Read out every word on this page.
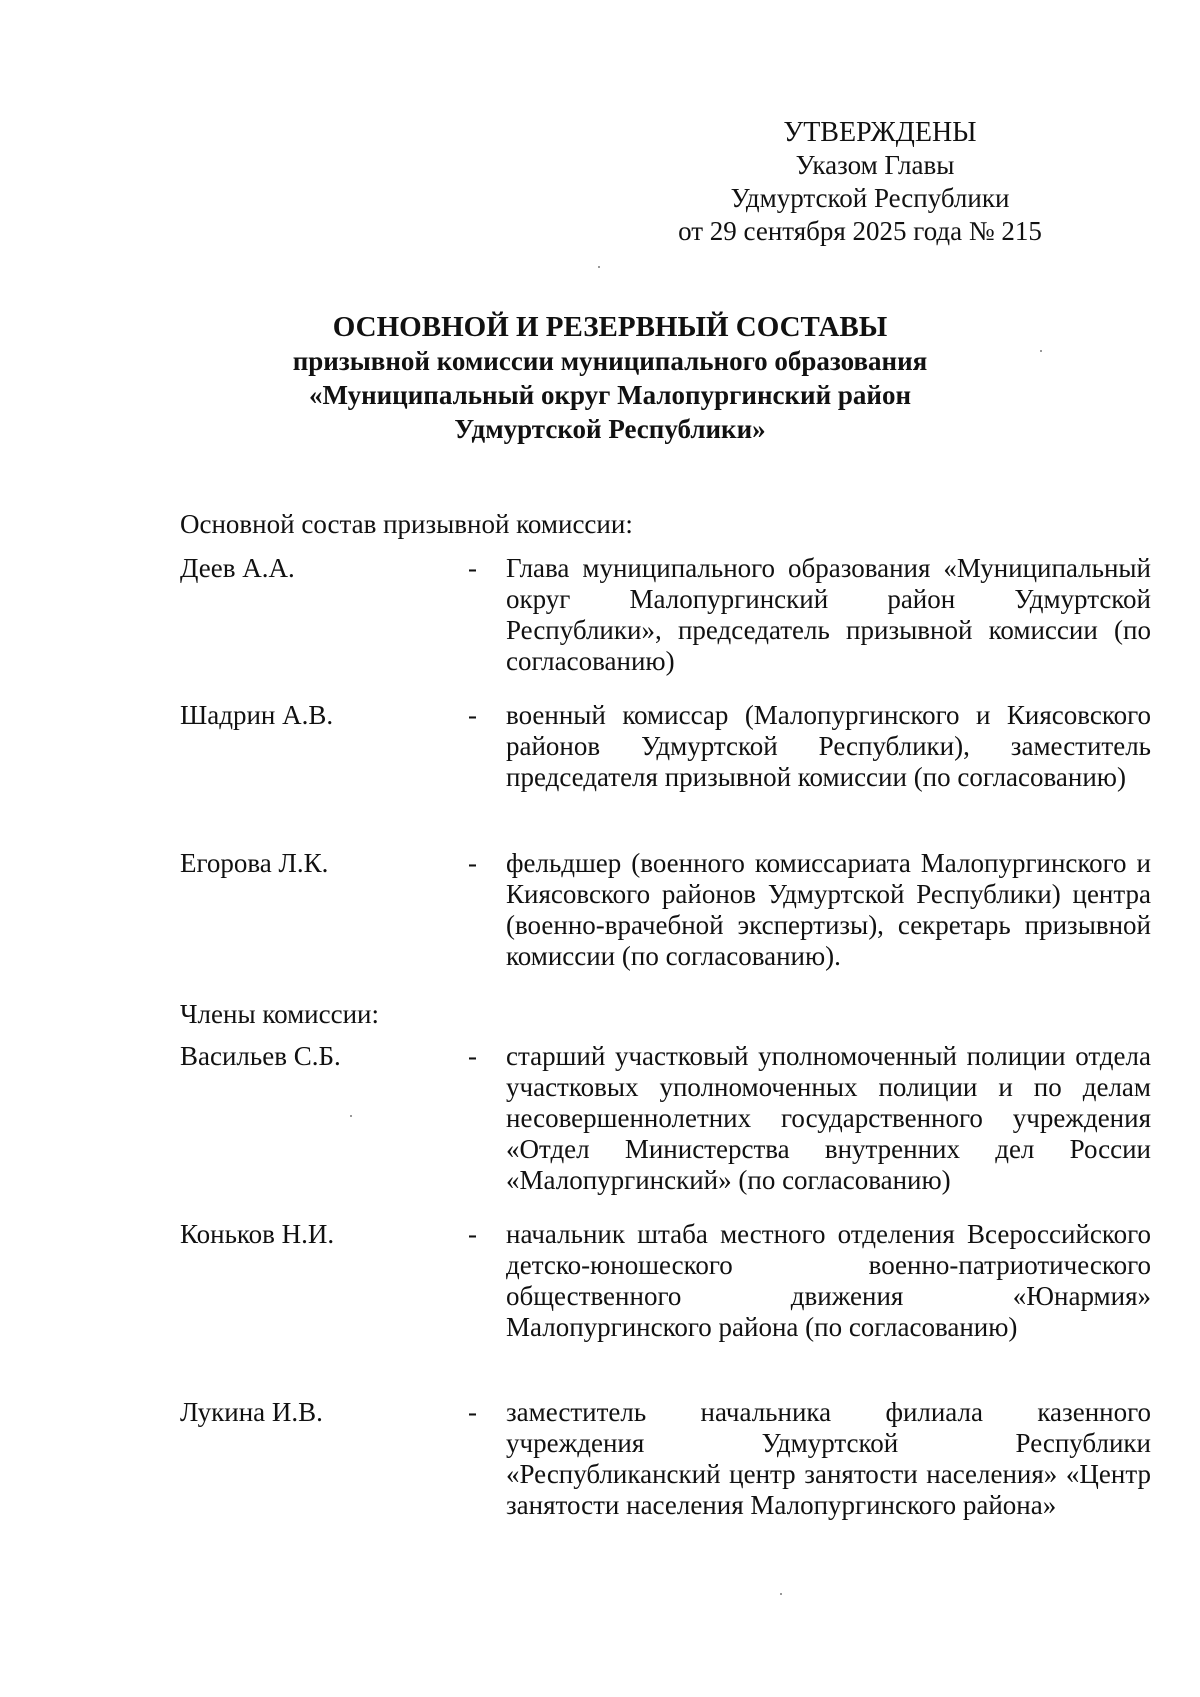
УТВЕРЖДЕНЫ
Указом Главы
Удмуртской Республики
от 29 сентября 2025 года № 215
ОСНОВНОЙ И РЕЗЕРВНЫЙ СОСТАВЫ
призывной комиссии муниципального образования
«Муниципальный округ Малопургинский район
Удмуртской Республики»
Основной состав призывной комиссии:
Деев А.А.	- Глава муниципального образования «Муниципальный округ Малопургинский район Удмуртской Республики», председатель призывной комиссии (по согласованию)
Шадрин А.В.	- военный комиссар (Малопургинского и Киясовского районов Удмуртской Республики), заместитель председателя призывной комиссии (по согласованию)
Егорова Л.К.	- фельдшер (военного комиссариата Малопургинского и Киясовского районов Удмуртской Республики) центра (военно-врачебной экспертизы), секретарь призывной комиссии (по согласованию).
Члены комиссии:
Васильев С.Б.	- старший участковый уполномоченный полиции отдела участковых уполномоченных полиции и по делам несовершеннолетних государственного учреждения «Отдел Министерства внутренних дел России «Малопургинский» (по согласованию)
Коньков Н.И.	- начальник штаба местного отделения Всероссийского детско-юношеского военно-патриотического общественного движения «Юнармия» Малопургинского района (по согласованию)
Лукина И.В.	- заместитель начальника филиала казенного учреждения Удмуртской Республики «Республиканский центр занятости населения» «Центр занятости населения Малопургинского района»
